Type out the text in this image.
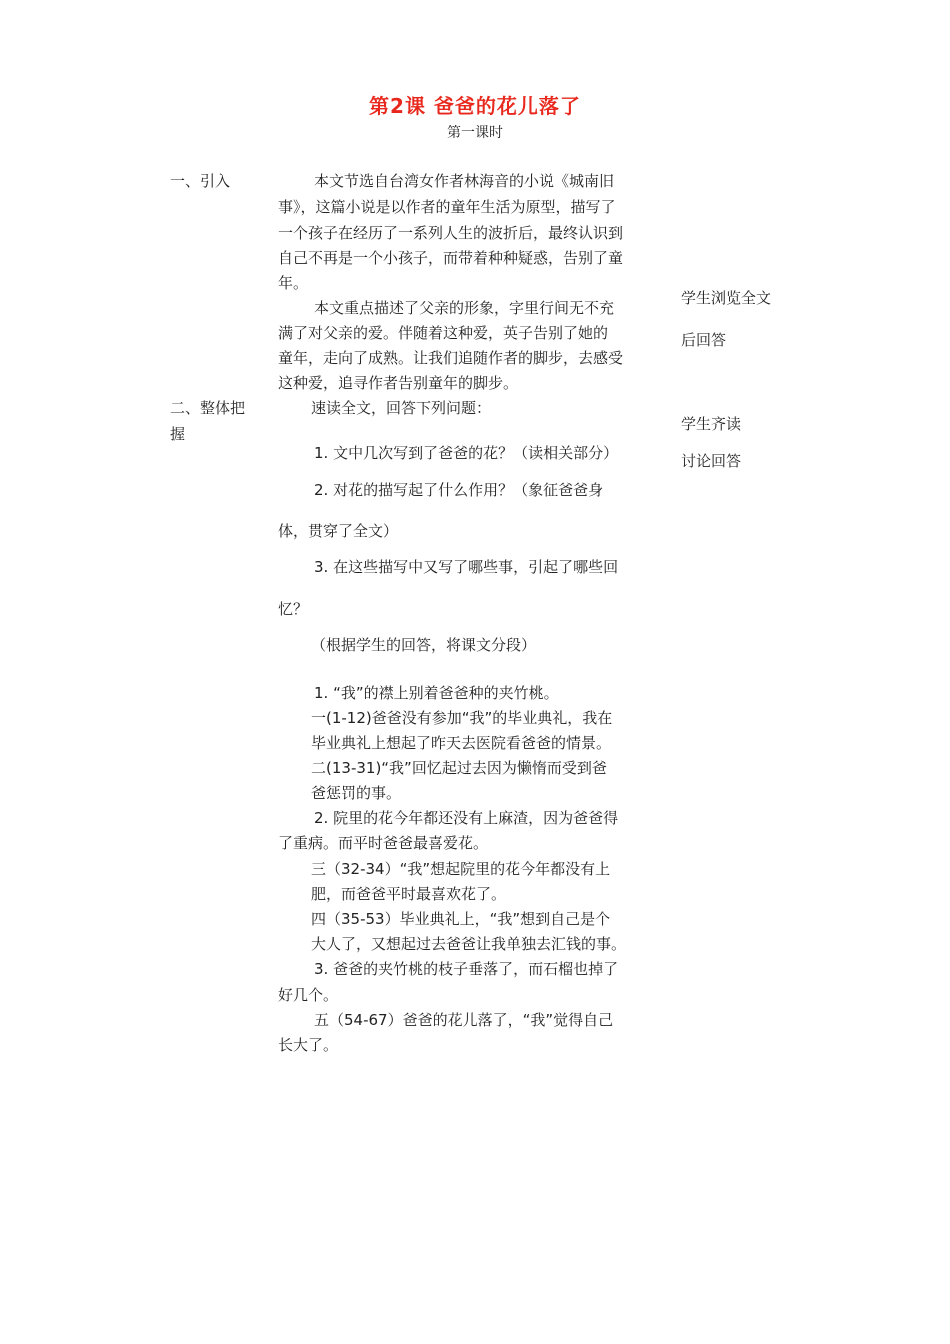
第2课 爸爸的花儿落了
第一课时
一、引入
二、整体把
握
本文节选自台湾女作者林海音的小说《城南旧
事》，这篇小说是以作者的童年生活为原型，描写了
一个孩子在经历了一系列人生的波折后，最终认识到
自己不再是一个小孩子，而带着种种疑惑，告别了童
年。
本文重点描述了父亲的形象，字里行间无不充
满了对父亲的爱。伴随着这种爱，英子告别了她的
童年，走向了成熟。让我们追随作者的脚步，去感受
这种爱，追寻作者告别童年的脚步。
速读全文，回答下列问题：
1. 文中几次写到了爸爸的花？（读相关部分）
2. 对花的描写起了什么作用？（象征爸爸身
体，贯穿了全文）
3. 在这些描写中又写了哪些事，引起了哪些回
忆？
（根据学生的回答，将课文分段）
1. “我”的襟上别着爸爸种的夹竹桃。
一(1-12)爸爸没有参加“我”的毕业典礼，我在
毕业典礼上想起了昨天去医院看爸爸的情景。
二(13-31)“我”回忆起过去因为懒惰而受到爸
爸惩罚的事。
2. 院里的花今年都还没有上麻渣，因为爸爸得
了重病。而平时爸爸最喜爱花。
三（32-34）“我”想起院里的花今年都没有上
肥，而爸爸平时最喜欢花了。
四（35-53）毕业典礼上，“我”想到自己是个
大人了，又想起过去爸爸让我单独去汇钱的事。
3. 爸爸的夹竹桃的枝子垂落了，而石榴也掉了
好几个。
五（54-67）爸爸的花儿落了，“我”觉得自己
长大了。
学生浏览全文
后回答
学生齐读
讨论回答
